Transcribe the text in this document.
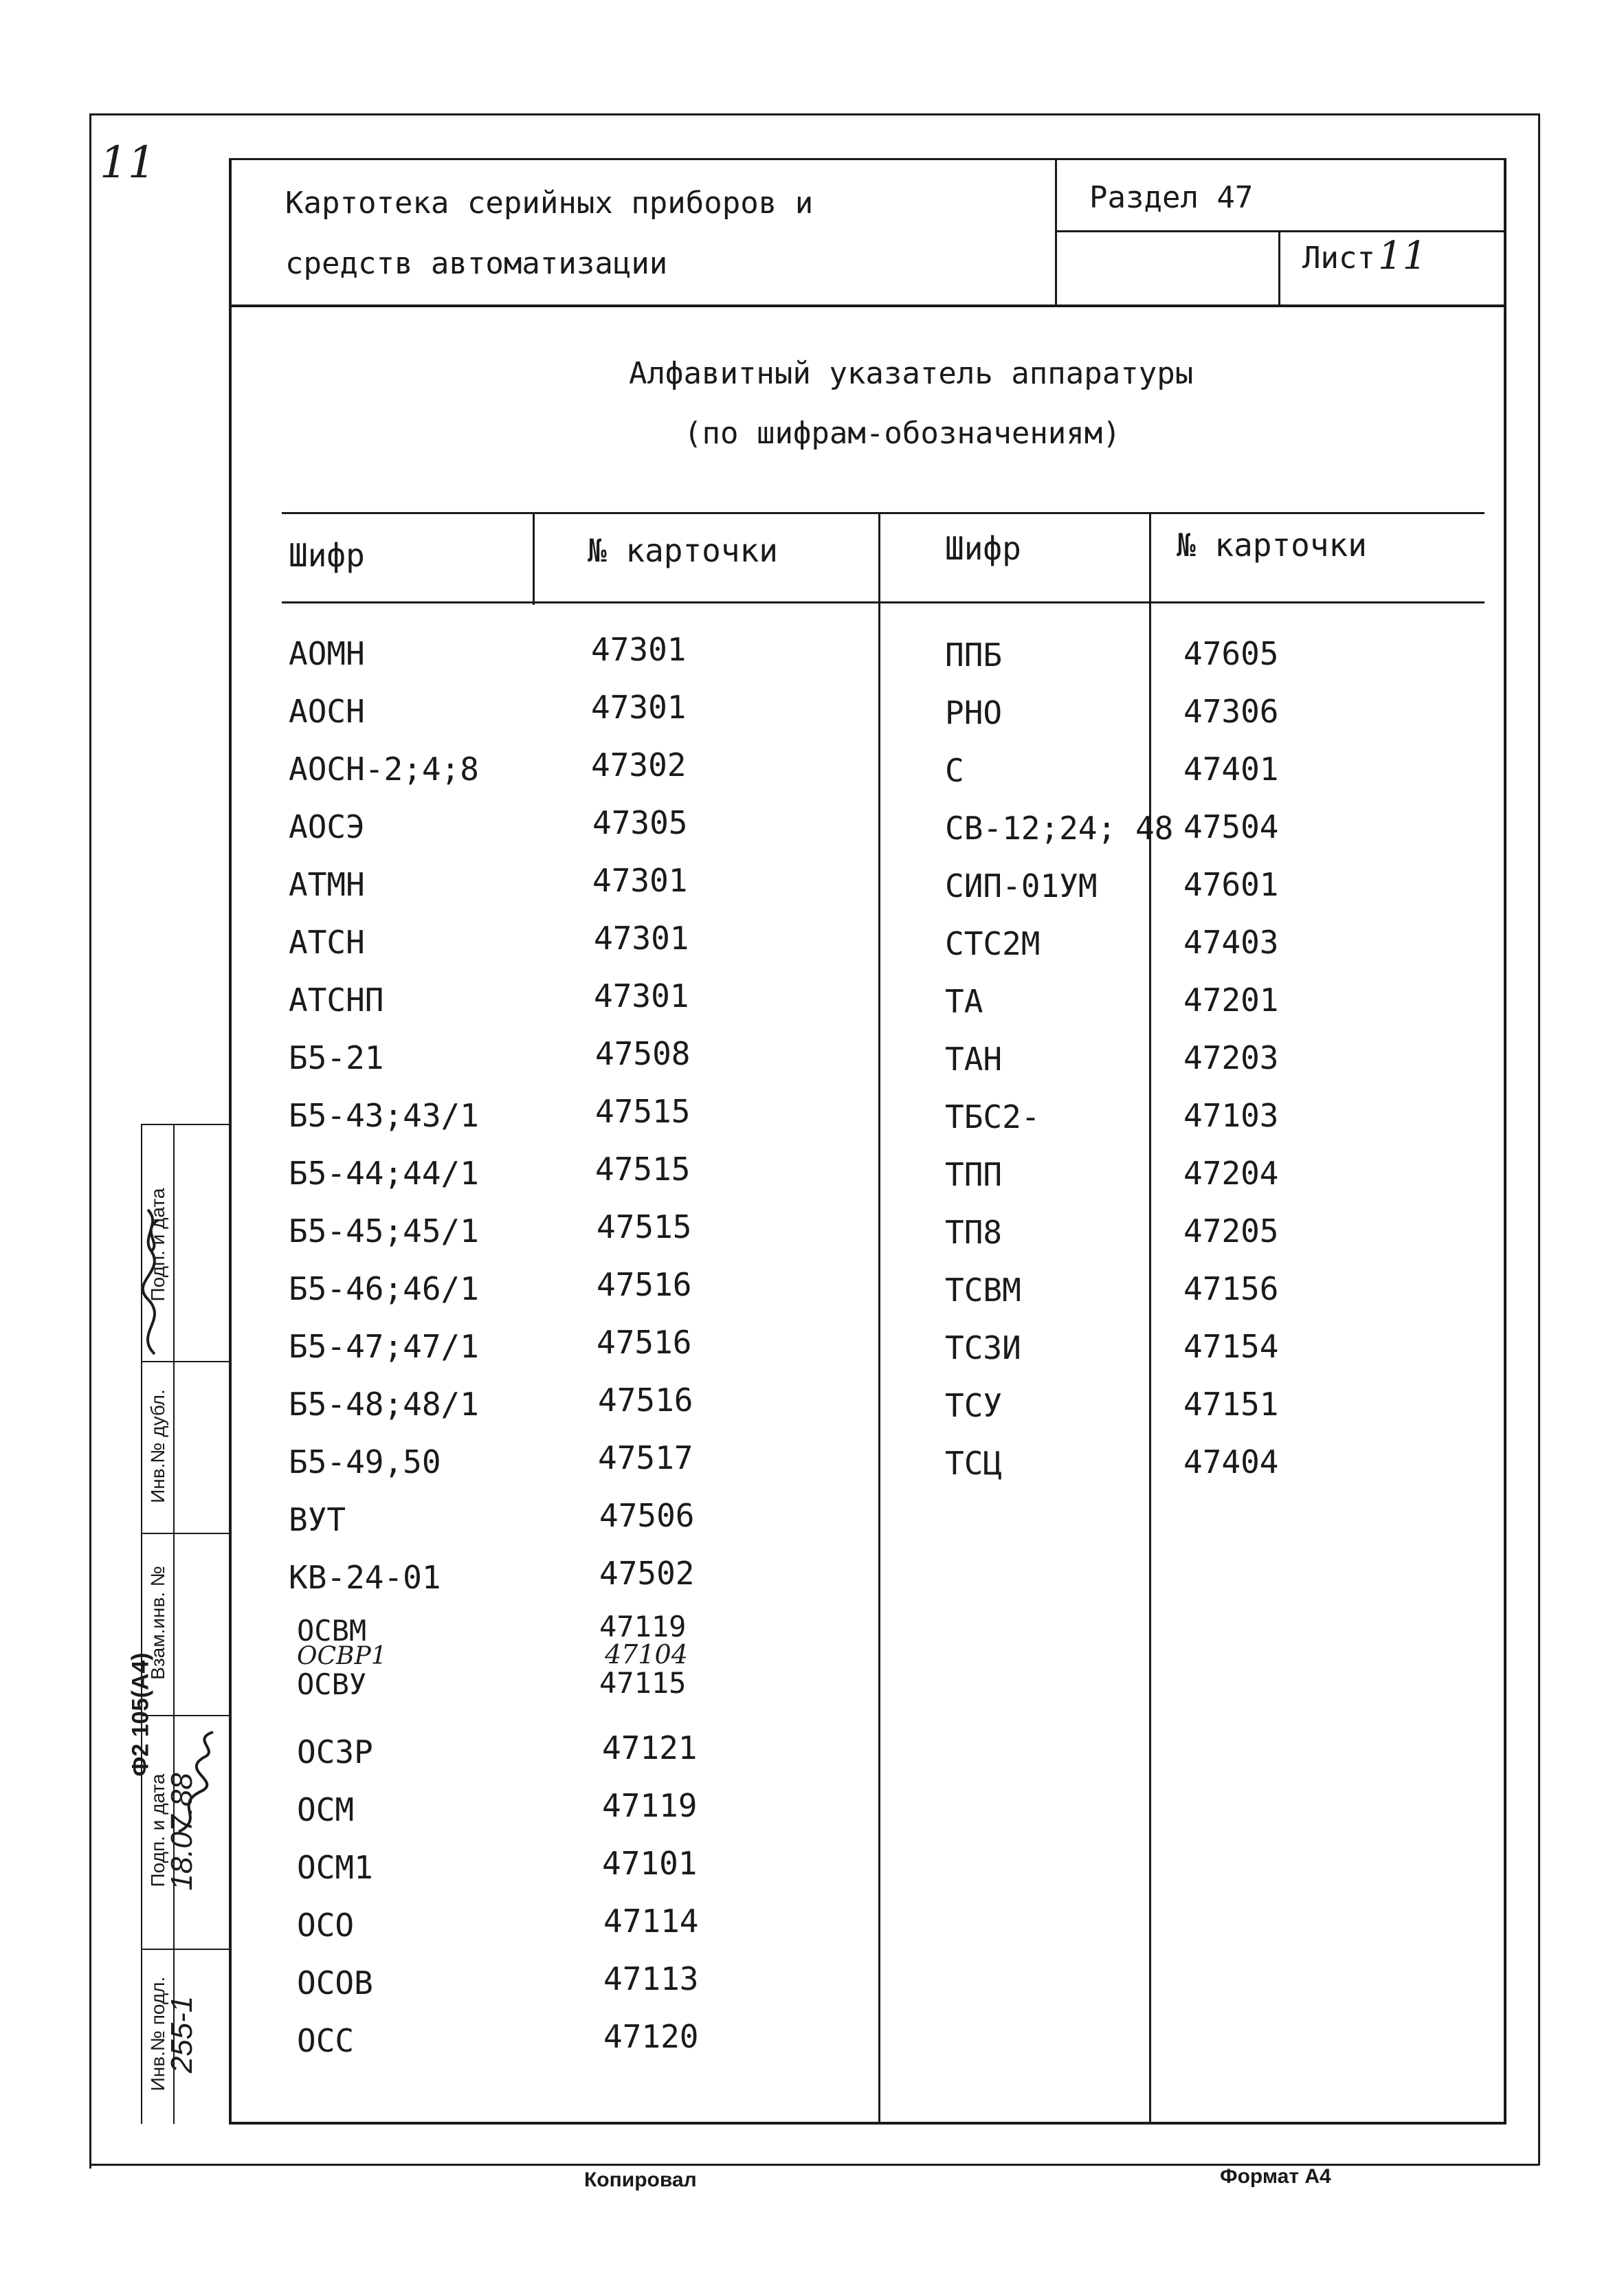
11
Картотека серийных приборов и
средств автоматизации
Раздел 47
Лист 11
Алфавитный указатель аппаратуры
(по шифрам-обозначениям)
Шифр	№ карточки	Шифр	№ карточки
АОМН	47301
АОСН	47301
АОСН-2;4;8	47302
АОСЭ	47305
АТМН	47301
АТСН	47301
АТСНП	47301
Б5-21	47508
Б5-43;43/1	47515
Б5-44;44/1	47515
Б5-45;45/1	47515
Б5-46;46/1	47516
Б5-47;47/1	47516
Б5-48;48/1	47516
Б5-49,50	47517
ВУТ	47506
КВ-24-01	47502
ОСВМ	47119
ОСВР1	47104
ОСВУ	47115
ОСЗР	47121
ОСМ	47119
ОСМ1	47101
ОСО	47114
ОСОВ	47113
ОСС	47120
ППБ	47605
РНО	47306
С	47401
СВ-12;24; 48 47504
СИП-01УМ	47601
СТС2М	47403
ТА	47201
ТАН	47203
ТБС2-	47103
ТПП	47204
ТП8	47205
ТСВМ	47156
ТСЗИ	47154
ТСУ	47151
ТСЦ	47404
Инв.№ подл.
Подп. и дата
Взам.инв. №
Инв.№ дубл.
Подп. и дата
255-1
18.07.88
Ф2 105(А4)
Копировал	Формат А4
